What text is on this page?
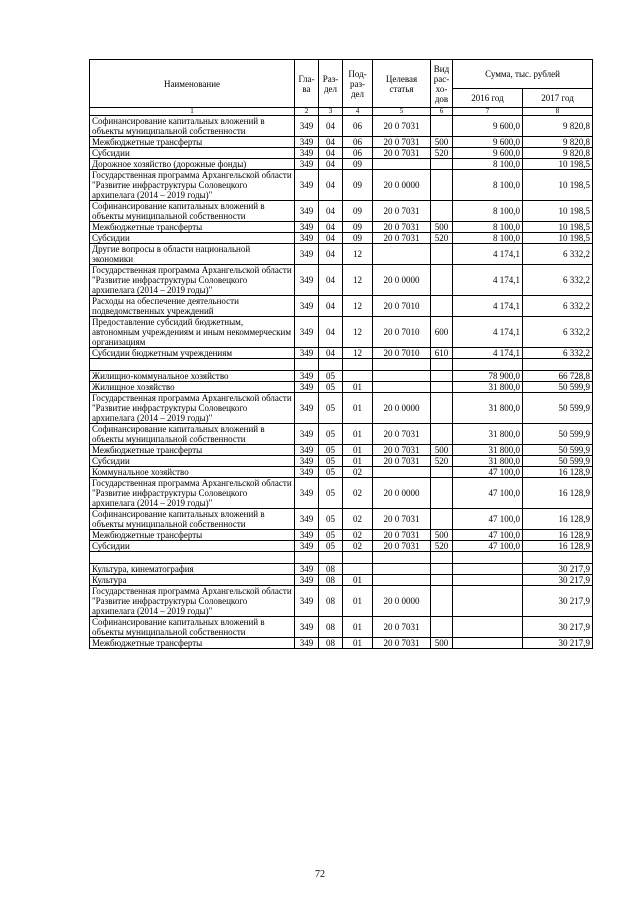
Наименование	Гла-ва	Раз-дел	Под-раз-дел	Целевая статья	Вид рас-хо-дов	Сумма, тыс. рублей	
						2016 год	2017 год
1	2	3	4	5	6	7	8
Софинансирование капитальных вложений в объекты муниципальной собственности	349	04	06	20 0 7031		9 600,0	9 820,8
Межбюджетные трансферты	349	04	06	20 0 7031	500	9 600,0	9 820,8
Субсидии	349	04	06	20 0 7031	520	9 600,0	9 820,8
Дорожное хозяйство (дорожные фонды)	349	04	09			8 100,0	10 198,5
Государственная программа Архангельской области "Развитие инфраструктуры Соловецкого архипелага (2014 – 2019 годы)"	349	04	09	20 0 0000		8 100,0	10 198,5
Софинансирование капитальных вложений в объекты муниципальной собственности	349	04	09	20 0 7031		8 100,0	10 198,5
Межбюджетные трансферты	349	04	09	20 0 7031	500	8 100,0	10 198,5
Субсидии	349	04	09	20 0 7031	520	8 100,0	10 198,5
Другие вопросы в области национальной экономики	349	04	12			4 174,1	6 332,2
Государственная программа Архангельской области "Развитие инфраструктуры Соловецкого архипелага (2014 – 2019 годы)"	349	04	12	20 0 0000		4 174,1	6 332,2
Расходы на обеспечение деятельности подведомственных учреждений	349	04	12	20 0 7010		4 174,1	6 332,2
Предоставление субсидий бюджетным, автономным учреждениям и иным некоммерческим организациям	349	04	12	20 0 7010	600	4 174,1	6 332,2
Субсидии бюджетным учреждениям	349	04	12	20 0 7010	610	4 174,1	6 332,2

Жилищно-коммунальное хозяйство	349	05				78 900,0	66 728,8
Жилищное хозяйство	349	05	01			31 800,0	50 599,9
Государственная программа Архангельской области "Развитие инфраструктуры Соловецкого архипелага (2014 – 2019 годы)"	349	05	01	20 0 0000		31 800,0	50 599,9
Софинансирование капитальных вложений в объекты муниципальной собственности	349	05	01	20 0 7031		31 800,0	50 599,9
Межбюджетные трансферты	349	05	01	20 0 7031	500	31 800,0	50 599,9
Субсидии	349	05	01	20 0 7031	520	31 800,0	50 599,9
Коммунальное хозяйство	349	05	02			47 100,0	16 128,9
Государственная программа Архангельской области "Развитие инфраструктуры Соловецкого архипелага (2014 – 2019 годы)"	349	05	02	20 0 0000		47 100,0	16 128,9
Софинансирование капитальных вложений в объекты муниципальной собственности	349	05	02	20 0 7031		47 100,0	16 128,9
Межбюджетные трансферты	349	05	02	20 0 7031	500	47 100,0	16 128,9
Субсидии	349	05	02	20 0 7031	520	47 100,0	16 128,9

Культура, кинематография	349	08					30 217,9
Культура	349	08	01				30 217,9
Государственная программа Архангельской области "Развитие инфраструктуры Соловецкого архипелага (2014 – 2019 годы)"	349	08	01	20 0 0000			30 217,9
Софинансирование капитальных вложений в объекты муниципальной собственности	349	08	01	20 0 7031			30 217,9
Межбюджетные трансферты	349	08	01	20 0 7031	500		30 217,9
72
